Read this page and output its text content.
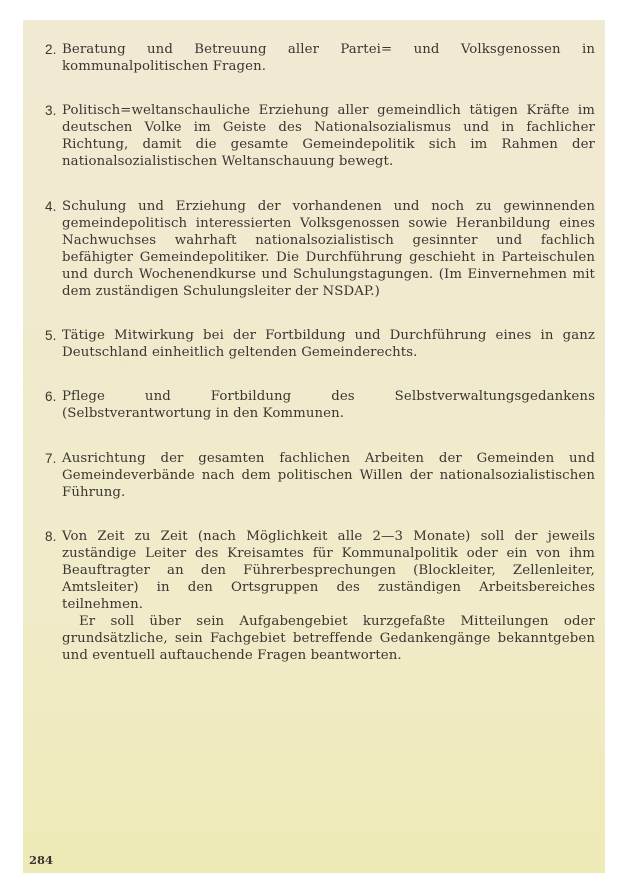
2. Beratung und Betreuung aller Partei= und Volksgenossen in kommunalpolitischen Fragen.

3. Politisch=weltanschauliche Erziehung aller gemeindlich tätigen Kräfte im deutschen Volke im Geiste des Nationalsozialismus und in fachlicher Richtung, damit die gesamte Gemeindepolitik sich im Rahmen der nationalsozialistischen Weltanschauung bewegt.

4. Schulung und Erziehung der vorhandenen und noch zu gewinnenden gemeindepolitisch interessierten Volksgenossen sowie Heranbildung eines Nachwuchses wahrhaft nationalsozialistisch gesinnter und fachlich befähigter Gemeindepolitiker. Die Durchführung geschieht in Parteischulen und durch Wochenendkurse und Schulungstagungen. (Im Einvernehmen mit dem zuständigen Schulungsleiter der NSDAP.)

5. Tätige Mitwirkung bei der Fortbildung und Durchführung eines in ganz Deutschland einheitlich geltenden Gemeinderechts.

6. Pflege und Fortbildung des Selbstverwaltungsgedankens (Selbstverantwortung in den Kommunen.

7. Ausrichtung der gesamten fachlichen Arbeiten der Gemeinden und Gemeindeverbände nach dem politischen Willen der nationalsozialistischen Führung.

8. Von Zeit zu Zeit (nach Möglichkeit alle 2—3 Monate) soll der jeweils zuständige Leiter des Kreisamtes für Kommunalpolitik oder ein von ihm Beauftragter an den Führerbesprechungen (Blockleiter, Zellenleiter, Amtsleiter) in den Ortsgruppen des zuständigen Arbeitsbereiches teilnehmen.

Er soll über sein Aufgabengebiet kurzgefaßte Mitteilungen oder grundsätzliche, sein Fachgebiet betreffende Gedankengänge bekanntgeben und eventuell auftauchende Fragen beantworten.

284
